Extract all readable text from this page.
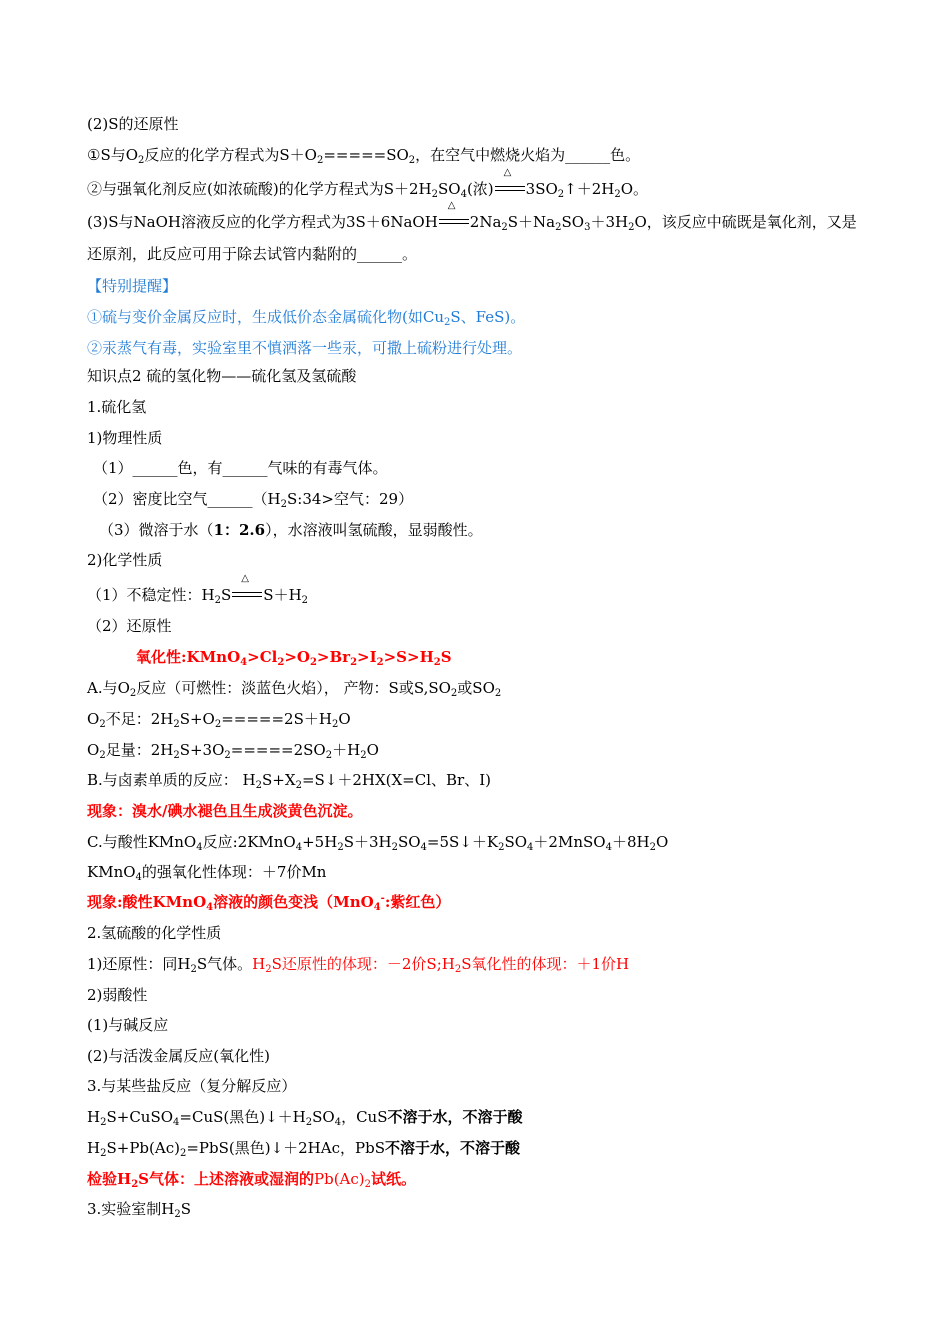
(2)S的还原性
①S与$O_2$反应的化学方程式为$S+O_2=====SO_2$，在空气中燃烧火焰为______色。
②与强氧化剂反应(如浓硫酸)的化学方程式为$S+2H_2SO_4$(浓)
△
$3SO_2↑+2H_2O$。
(3)S与NaOH溶液反应的化学方程式为3S＋6NaOH
△
$2Na_2S+Na_2SO_3+3H_2O$，该反应中硫既是氧化剂，又是还原剂，此反应可用于除去试管内黏附的______。
【特别提醒】
①硫与变价金属反应时，生成低价态金属硫化物(如$Cu_2S$、FeS)。
②汞蒸气有毒，实验室里不慎洒落一些汞，可撒上硫粉进行处理。
知识点2 硫的氢化物——硫化氢及氢硫酸
1.硫化氢
1)物理性质
（1）______色，有______气味的有毒气体。
（2）密度比空气$\_\_\_\_\_\_(H_2S:34>$空气：29）
（3）微溶于水（1：2.6），水溶液叫氢硫酸，显弱酸性。
2)化学性质
（1）不稳定性：$H_2S$
△
$S+H_2$
（2）还原性
氧化性$:KMnO_4>Cl_2>O_2>Br_2>I_2>S>H_2S$
A.与$O_2$反应（可燃性：淡蓝色火焰）， 产物：S或$S,SO_2$或$SO_2$
$O_2$不足：$2H_2S+O_2=====2S+H_2O$
$O_2$足量：$2H_2S+3O_2=====2SO_2+H_2O$
B.与卤素单质的反应： $H_2S+X_2=S↓+2HX(X=Cl$、Br、I)
现象：溴水/碘水褪色且生成淡黄色沉淀。
C.与酸性KMnO$_4$反应$:2KMnO_4+5H_2S+3H_2SO_4=5S↓+K_2SO_4+2MnSO_4+8H_2O$
KMnO$_4$的强氧化性体现：＋7价Mn
现象:酸性KMnO$_4$溶液的颜色变浅（MnO$_4$-:紫红色）
2.氢硫酸的化学性质
1)还原性：同$H_2S$气体。$H_2S$还原性的体现：－2价$S;H_2S$氧化性的体现：＋1价H
2)弱酸性
(1)与碱反应
(2)与活泼金属反应(氧化性)
3.与某些盐反应（复分解反应）
$H_2S+CuSO_4=CuS$(黑色)$↓+H_2SO_4$，CuS不溶于水，不溶于酸
$H_2S+Pb(Ac)_2=PbS$(黑色)↓＋2HAc，PbS不溶于水，不溶于酸
检验$H_2S$气体：上述溶液或湿润的$Pb(Ac)_2$试纸。
3.实验室制$H_2S$
